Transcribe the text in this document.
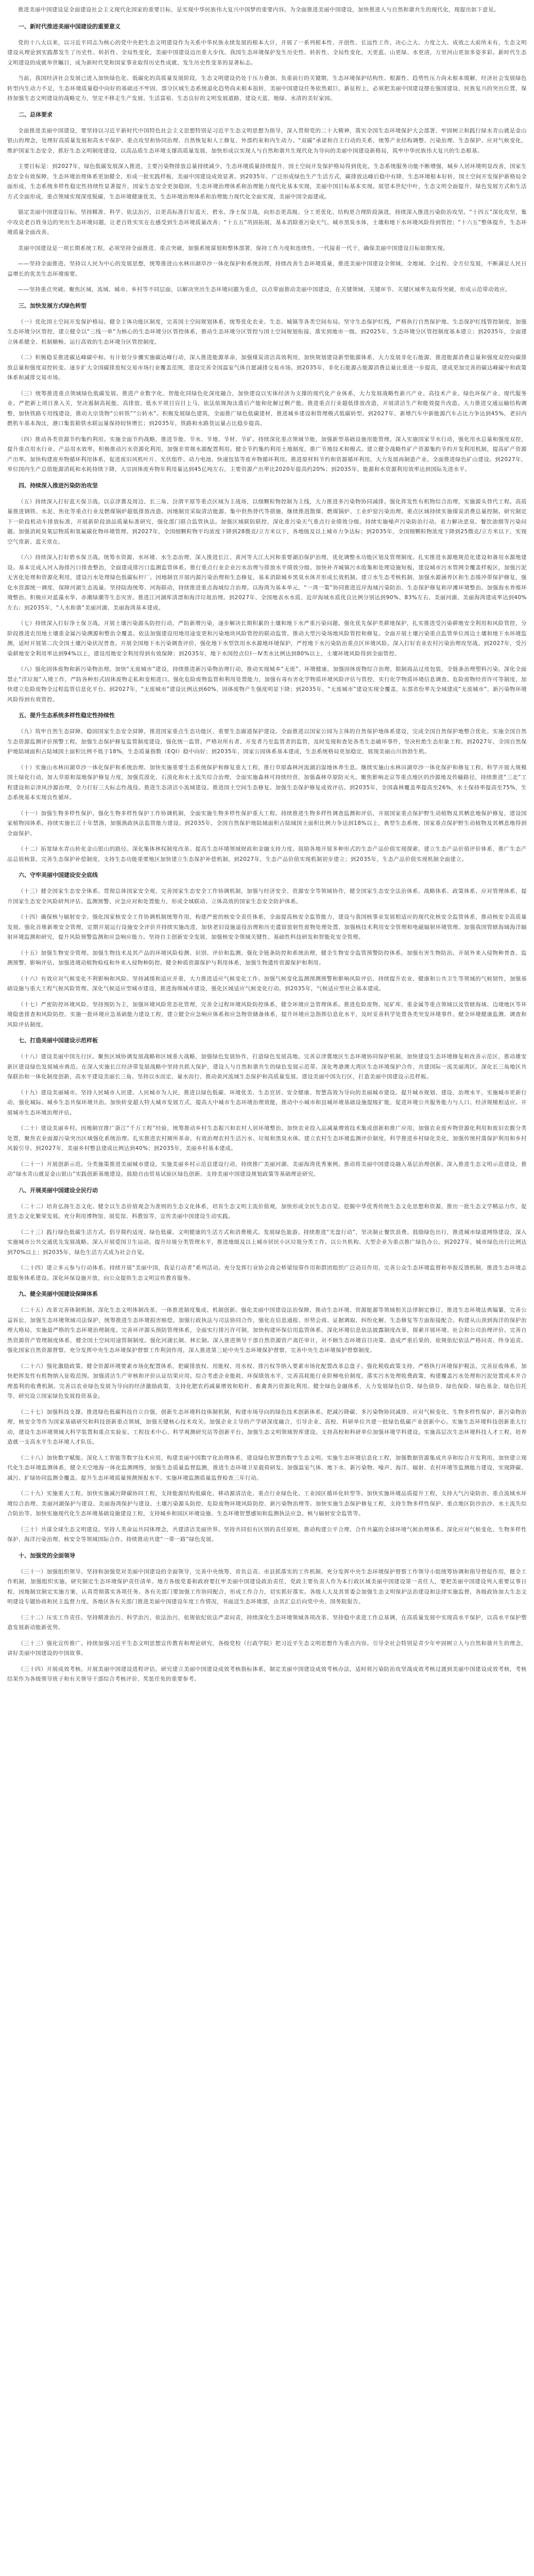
推进美丽中国建设是全面建设社会主义现代化国家的重要目标，是实现中华民族伟大复兴中国梦的重要内容。为全面推进美丽中国建设，加快推进人与自然和谐共生的现代化，现提出如下意见。

一、新时代推进美丽中国建设的重要意义

党的十八大以来，以习近平同志为核心的党中央把生态文明建设作为关系中华民族永续发展的根本大计，开展了一系列根本性、开创性、长远性工作，决心之大、力度之大、成效之大前所未有，生态文明建设从理论到实践都发生了历史性、转折性、全局性变化，美丽中国建设迈出重大步伐。我国生态环境保护发生历史性、转折性、全局性变化，天更蓝、山更绿、水更清，万里河山更加多姿多彩。新时代生态文明建设的成就举世瞩目，成为新时代党和国家事业取得历史性成就、发生历史性变革的显著标志。

当前，我国经济社会发展已进入加快绿色化、低碳化的高质量发展阶段，生态文明建设仍处于压力叠加、负重前行的关键期，生态环境保护结构性、根源性、趋势性压力尚未根本缓解，经济社会发展绿色转型内生动力不足，生态环境质量稳中向好的基础还不牢固，部分区域生态系统退化趋势尚未根本扭转，美丽中国建设任务依然艰巨。新征程上，必须把美丽中国建设摆在强国建设、民族复兴的突出位置，保持加强生态文明建设的战略定力，坚定不移走生产发展、生活富裕、生态良好的文明发展道路，建设天蓝、地绿、水清的美好家园。

二、总体要求

全面推进美丽中国建设，要坚持以习近平新时代中国特色社会主义思想特别是习近平生态文明思想为指导，深入贯彻党的二十大精神，落实全国生态环境保护大会部署，牢固树立和践行绿水青山就是金山银山的理念，处理好高质量发展和高水平保护、重点攻坚和协同治理、自然恢复和人工修复、外部约束和内生动力、“双碳”承诺和自主行动的关系，统筹产业结构调整、污染治理、生态保护、应对气候变化，维护国家生态安全，抓好生态文明制度建设，以高品质生态环境支撑高质量发展，加快形成以实现人与自然和谐共生现代化为导向的美丽中国建设新格局，筑牢中华民族伟大复兴的生态根基。

主要目标是：到2027年，绿色低碳发展深入推进，主要污染物排放总量持续减少，生态环境质量持续提升，国土空间开发保护格局得到优化，生态系统服务功能不断增强，城乡人居环境明显改善，国家生态安全有效保障，生态环境治理体系更加健全，形成一批实践样板，美丽中国建设成效显著。到2035年，广泛形成绿色生产生活方式，碳排放达峰后稳中有降，生态环境根本好转，国土空间开发保护新格局全面形成，生态系统多样性稳定性持续性显著提升，国家生态安全更加稳固，生态环境治理体系和治理能力现代化基本实现，美丽中国目标基本实现。展望本世纪中叶，生态文明全面提升，绿色发展方式和生活方式全面形成，重点领域实现深度脱碳，生态环境健康优美，生态环境治理体系和治理能力现代化全面实现，美丽中国全面建成。

锚定美丽中国建设目标，坚持精准、科学、依法治污，以更高标准打好蓝天、碧水、净土保卫战，向形态更高级、分工更优化、结构更合理阶段演进，持续深入推进污染防治攻坚。“十四五”深化攻坚，集中攻克老百姓身边的突出生态环境问题，让老百姓实实在在感受到生态环境质量改善；“十五五”巩固拓展，基本消除重污染天气、城市黑臭水体，土壤和地下水环境风险得到管控；“十六五”整体提升，生态环境质量全面改善。

美丽中国建设是一项长期系统工程，必须坚持全面推进、重点突破，加强系统谋划和整体部署，保持工作力度和连续性，一代接着一代干，确保美丽中国建设目标如期实现。

——坚持全面推进。坚持以人民为中心的发展思想，统筹推进山水林田湖草沙一体化保护和系统治理，持续改善生态环境质量，推进美丽中国建设全领域、全地域、全过程、全方位发展，不断满足人民日益增长的优美生态环境需要。

——坚持重点突破。聚焦区域、流域、城市、乡村等不同层面，以解决突出生态环境问题为重点，以点带面推动美丽中国建设，在关键领域、关键环节、关键区域率先取得突破，形成示范带动效应。

三、加快发展方式绿色转型

（一）优化国土空间开发保护格局。健全主体功能区制度，完善国土空间规划体系，统筹优化农业、生态、城镇等各类空间布局。坚守生态保护红线，严格执行自然保护地、生态保护红线管控制度，加强生态环境分区管控，建立健全以“三线一单”为核心的生态环境分区管控体系，推动生态环境分区管控与国土空间规划衔接，落实到地市一级。到2025年，生态环境分区管控制度基本建立；到2035年，全面建立体系健全、机制顺畅、运行高效的生态环境分区管控制度。

（二）积极稳妥推进碳达峰碳中和。有计划分步骤实施碳达峰行动，深入推进能源革命，加强煤炭清洁高效利用，加快规划建设新型能源体系，大力发展非化石能源，推进能源消费总量和强度双控向碳排放总量和强度双控转变。逐步扩大全国碳排放权交易市场行业覆盖范围，建设完善全国温室气体自愿减排交易市场。到2035年，非化石能源占能源消费总量比重进一步提高，建成更加完善的碳达峰碳中和政策体系和减排交易市场。

（三）统筹推进重点领域绿色低碳发展。推进产业数字化、智能化同绿色化深度融合，加快建设以实体经济为支撑的现代化产业体系，大力发展战略性新兴产业、高技术产业、绿色环保产业、现代服务业。严把新上项目准入关，坚决遏制高耗能、高排放、低水平项目盲目上马，依法依规淘汰落后产能和化解过剩产能。推进重点行业超低排放改造，开展清洁生产和能效提升改造。大力推进交通运输结构调整，加快铁路专用线建设，推动大宗货物“公转铁”“公转水”。积极发展绿色建筑，全面推广绿色低碳建材，推进城乡建设和管理模式低碳转型。到2027年，新增汽车中新能源汽车占比力争达到45%，老旧内燃机车基本淘汰，港口集装箱铁水联运量保持较快增长；到2035年，铁路和水路货运量占比稳步提高。

（四）推动各类资源节约集约利用。实施全面节约战略，推进节能、节水、节地、节材、节矿。持续深化重点领域节能，加强新型基础设施用能管理。深入实施国家节水行动，强化用水总量和强度双控，提升重点用水行业、产品用水效率，积极推动污水资源化利用，加强非常规水源配置利用。健全节约集约利用土地制度，推广节地技术和模式。建立健全战略性矿产资源集约节约开发利用机制，提高矿产资源产出率。加快构建废弃物循环利用体系，促进废旧风机叶片、光伏组件、动力电池、快递包装等废弃物循环利用。推进原材料节约和资源循环利用，大力发展再制造产业。全面推进绿色矿山建设。到2027年，单位国内生产总值能源消耗和水耗持续下降，大宗固体废弃物年利用量达到45亿吨左右，主要资源产出率比2020年提高约20%；到2035年，能源和水资源利用效率达到国际先进水平。

四、持续深入推进污染防治攻坚

（五）持续深入打好蓝天保卫战。以京津冀及周边、长三角、汾渭平原等重点区域为主战场，以细颗粒物控制为主线，大力推进多污染物协同减排。强化挥发性有机物综合治理，实施源头替代工程。高质量推进钢铁、水泥、焦化等重点行业及燃煤锅炉超低排放改造。因地制宜采取清洁能源、集中供热替代等措施，继续推进散煤、燃煤锅炉、工业炉窑污染治理。重点区域持续实施煤炭消费总量控制。研究制定下一阶段机动车排放标准，开展新阶段油品质量标准研究，强化部门联合监管执法。加强区域联防联控，深化重污染天气重点行业绩效分级。持续实施噪声污染防治行动。着力解决恶臭、餐饮油烟等污染问题。加强消耗臭氧层物质和氢氟碳化物环境管理。到2027年，全国细颗粒物平均浓度下降到28微克/立方米以下，各地级及以上城市力争达标；到2035年，全国细颗粒物浓度下降到25微克/立方米以下，实现空气常新、蓝天常在。

（六）持续深入打好碧水保卫战。统筹水资源、水环境、水生态治理，深入推进长江、黄河等大江大河和重要湖泊保护治理，优化调整水功能区划及管理制度。扎实推进水源地规范化建设和备用水源地建设。基本完成入河入海排污口排查整治，全面建成排污口监测监管体系。推行重点行业企业污水治理与排放水平绩效分级。加快补齐城镇污水收集和处理设施短板，建设城市污水管网全覆盖样板区，加强污泥无害化处理和资源化利用，建设污水处理绿色低碳标杆厂。因地制宜开展内源污染治理和生态修复，基本消除城乡黑臭水体并形成长效机制。建立水生态考核机制，加强水源涵养区和生态缓冲带保护修复，强化水资源统一调度，保障河湖生态流量。坚持陆海统筹、河海联动，持续推进重点海域综合治理。以海湾为基本单元，“一湾一策”协同推进近岸海域污染防治、生态保护修复和岸滩环境整治。加强海水养殖环境整治。积极应对蓝藻水华、赤潮绿潮等生态灾害。推进江河湖库清漂和海洋垃圾治理。到2027年，全国地表水水质、近岸海域水质优良比例分别达到90%、83%左右，美丽河湖、美丽海湾建成率达到40%左右；到2035年，“人水和谐”美丽河湖、美丽海湾基本建成。

（七）持续深入打好净土保卫战。开展土壤污染源头防控行动，严防新增污染，逐步解决长期积累的土壤和地下水严重污染问题。强化优先保护类耕地保护，扎实推进受污染耕地安全利用和风险管控，分阶段推进农用地土壤重金属污染溯源和整治全覆盖。依法加强建设用地用途变更和污染地块风险管控的联动监管，推动大型污染场地风险管控和修复。全面开展土壤污染重点监管单位周边土壤和地下水环境监测，适时开展第二次全国土壤污染状况普查。开展全国地下水污染调查评价，强化地下水型饮用水水源地环境保护，严控地下水污染防治重点区环境风险。深入打好农业农村污染治理攻坚战。到2027年，受污染耕地安全利用率达到94%以上，建设用地安全利用得到有效保障；到2035年，地下水国控点位Ⅰ－Ⅳ类水比例达到80%以上，土壤环境风险得到全面管控。

（八）强化固体废物和新污染物治理。加快“无废城市”建设，持续推进新污染物治理行动，推动实现城乡“无废”、环境健康。加强固体废物综合治理，限制商品过度包装，全链条治理塑料污染。深化全面禁止“洋垃圾”入境工作，严防各种形式固体废物走私和变相进口。强化危险废物监管和利用处置能力，加强有毒有害化学物质环境风险评估与管控，实行化学物质环境信息调查、危险废物经营许可等制度，加快建立危险废物全过程监管信息化平台。到2027年，“无废城市”建设比例达到60%，固体废物产生强度明显下降；到2035年，“无废城市”建设实现全覆盖，东部省份率先全域建成“无废城市”，新污染物环境风险得到有效管控。

五、提升生态系统多样性稳定性持续性

（九）筑牢自然生态屏障。稳固国家生态安全屏障，推进国家重点生态功能区、重要生态廊道保护建设。全面推进以国家公园为主体的自然保护地体系建设，完成全国自然保护地整合优化。实施全国自然生态资源监测评价预警工程。加强生态保护修复监管制度建设，强化统一监管。严格对所有者、开发者乃至监管者的监管，及时发现和查处各类生态破坏事件，坚决杜绝生态形象工程。到2027年，全国自然保护地陆域面积占陆域国土面积比例不低于18%，生态质量指数（EQI）稳中向好；到2035年，国家公园体系基本建成，生态系统格局更加稳定，展现美丽山川勃勃生机。

（十）实施山水林田湖草沙一体化保护和系统治理。加快实施重要生态系统保护和修复重大工程，推行草原森林河流湖泊湿地休养生息。继续实施山水林田湖草沙一体化保护和修复工程。科学开展大规模国土绿化行动，加大草原和湿地保护修复力度，加强荒漠化、石漠化和水土流失综合治理，全面实施森林可持续经营，加强森林草原防灭火。聚焦影响北京等重点地区的沙源地及传输路径，持续推进“三北”工程建设和京津风沙源治理，全力打好三大标志性战役。推进生态清洁小流域建设。推进国土空间生态修复。加强生态保护修复成效评估。到2035年，全国森林覆盖率提高至26%，水土保持率提高至75%，生态系统基本实现良性循环。

（十一）加强生物多样性保护。强化生物多样性保护工作协调机制，全面实施生物多样性保护重大工程。持续推进生物多样性调查监测和评估，开展国家重点保护野生动植物及其栖息地保护修复，建设国家植物园体系。持续实施长江十年禁渔，加强渔政执法监管能力建设。到2035年，全国自然保护地陆域面积占陆域国土面积比例力争达到18%以上，典型生态系统、国家重点保护野生动植物及其栖息地得到全面保护。

（十二）拓宽绿水青山转化金山银山的路径。深化集体林权制度改革。提高生态环境领域财政和金融支持力度。鼓励各地开展多种形式的生态产品价值实现探索。建立生态产品价值评价体系，推广生态产品总值核算，完善生态保护补偿制度，支持生态功能重要地区加快建立生态保护补偿机制。到2027年，生态产品价值实现机制初步建立；到2035年，生态产品价值实现机制全面建立。

六、守牢美丽中国建设安全底线

（十三）健全国家生态安全体系。贯彻总体国家安全观，完善国家生态安全工作协调机制，加强与经济安全、资源安全等领域协作，健全国家生态安全法治体系、战略体系、政策体系、应对管理体系，提升国家生态安全风险研判评估、监测预警、应急应对和处置能力，形成全域联动、立体高效的国家生态安全防护体系。

（十四）确保核与辐射安全。强化国家核安全工作协调机制统筹作用，构建严密的核安全责任体系，全面提高核安全监管能力，建设与我国核事业发展相适应的现代化核安全监管体系，推动核安全高质量发展。强化首堆新堆安全管理，定期开展运行设施安全评价并持续实施改进，加快老旧设施退役治理和历史遗留放射性废物处理处置，加强核技术利用安全管理和电磁辐射环境管理。加强我国管辖海域海洋辐射环境监测和研究，提升风险预警监测和应急响应能力。坚持自主创新安全发展，加强核安全领域关键性、基础性科技研发和智能化安全管理。

（十五）加强生物安全管理。加强生物技术及其产品的环境风险检测、识别、评价和监测。强化全链条防控和系统治理，健全生物安全监管预警防控体系。加强有害生物防治。开展外来入侵物种普查、监测预警、影响评估，加强进境动植物检疫和外来入侵物种防控。健全种质资源保护与利用体系，加强生物遗传资源保护和利用。

（十六）有效应对气候变化不利影响和风险。坚持减缓和适应并重，大力推进适应气候变化工作。加强气候变化监测预测预警和影响风险评估，持续提升农业、健康和公共卫生等领域的气候韧性，加强基础设施与重大工程气候风险管理。深化气候适应型城市建设，推进海绵城市建设，强化区域适应气候变化行动。到2035年，气候适应型社会基本建成。

（十七）严密防控环境风险。坚持预防为主，加强环境风险常态化管理，完善全过程环境风险防控体系，健全环境应急管理体系。推进危险废物、尾矿库、重金属等重点领域以及管辖海域、边境地区等环境隐患排查和风险防控。实施一批环境应急基础能力建设工程，建立健全应急响应体系和应急物资储备体系，提升环境应急指挥信息化水平，及时妥善科学处置各类突发环境事件。健全环境健康监测、调查和风险评估制度。

七、打造美丽中国建设示范样板

（十八）建设美丽中国先行区。聚焦区域协调发展战略和区域重大战略，加强绿色发展协作，打造绿色发展高地。完善京津冀地区生态环境协同保护机制，加快建设生态环境修复和改善示范区，推动雄安新区建设绿色发展城市典范。在深入实施长江经济带发展战略中坚持共抓大保护，建设人与自然和谐共生的绿色发展示范带。深化粤港澳大湾区生态环境保护合作，共建国际一流美丽湾区。深化长三角地区共保联治和一体化制度创新，高水平建设美丽长三角。坚持以水而定、量水而行，推动黄河流域生态保护和高质量发展。建设美丽中国先行区，打造美丽中国建设示范样板。

（十九）建设美丽城市。坚持人民城市人民建、人民城市为人民，推进以绿色低碳、环境优美、生态宜居、安全健康、智慧高效为导向的美丽城市建设。提升城市规划、建设、治理水平，实施城市更新行动，强化城际、城乡生态共保环境共治。加快转变超大特大城市发展方式，提高大中城市生态环境治理效能，推动中小城市和县城环境基础设施提级扩能，促进环境公共服务能力与人口、经济规模相适应。开展城市生态环境治理评估。

（二十）建设美丽乡村。因地制宜推广浙江“千万工程”经验，统筹推动乡村生态振兴和农村人居环境整治。加快农业投入品减量增效技术集成创新和推广应用，加强农业废弃物资源化利用和废旧农膜分类处置，聚焦农业面源污染突出区域强化系统治理。扎实推进农村厕所革命，有效治理农村生活污水、垃圾和黑臭水体。建立农村生态环境监测评价制度。科学推进乡村绿化美化，加强传统村落保护利用和乡村风貌引导。到2027年，美丽乡村整县建成比例达到40%；到2035年，美丽乡村基本建成。

（二十一）开展创新示范。分类施策推进美丽城市建设，实施美丽乡村示范县建设行动，持续推广美丽河湖、美丽海湾优秀案例。推动将美丽中国建设融入基层治理创新。深入推进生态文明示范建设，推动“绿水青山就是金山银山”实践创新基地建设。鼓励自由贸易试验区绿色创新。支持美丽中国建设规划政策等基础理论研究。

八、开展美丽中国建设全民行动

（二十二）培育弘扬生态文化。健全以生态价值观念为准则的生态文化体系，培育生态文明主流价值观，加快形成全民生态自觉。挖掘中华优秀传统生态文化思想和资源，推出一批生态文学精品力作，促进生态文化繁荣发展。充分利用博物馆、展览馆、科教馆等，宣传美丽中国建设生动实践。

（二十三）践行绿色低碳生活方式。倡导简约适度、绿色低碳、文明健康的生活方式和消费模式。发展绿色旅游。持续推进“光盘行动”，坚决制止餐饮浪费。鼓励绿色出行，推进城市绿道网络建设，深入实施城市公共交通优先发展战略。深入开展爱国卫生运动。提升垃圾分类管理水平，推进地级及以上城市居民小区垃圾分类工作。以公共机构、大型企业为重点推广绿色办公。到2027年，城市绿色出行比例达到70%以上；到2035年，绿色生活方式成为社会自觉。

（二十四）建立多元参与行动体系。持续开展“美丽中国，我是行动者”系列活动。充分发挥行业协会商会桥梁纽带作用和群团组织广泛动员作用，完善公众生态环境监督和举报反馈机制，推进生态环境志愿服务体系建设。深化环保设施开放，向公众提供生态文明宣传教育服务。

九、健全美丽中国建设保障体系

（二十五）改革完善体制机制。深化生态文明体制改革，一体推进制度集成、机制创新。强化美丽中国建设法治保障，推动生态环境、资源能源等领域相关法律制定修订，推进生态环境法典编纂，完善公益诉讼，加强生态环境领域司法保护，统筹推进生态环境损害赔偿。加强行政执法与司法协同合作，强化在信息通报、形势会商、证据调取、纠纷化解、生态修复等方面衔接配合。构建从山顶到海洋的保护治理大格局，实施最严格的生态环境治理制度。完善环评源头预防管理体系，全面实行排污许可制，加快构建环保信用监管体系。深化环境信息依法披露制度改革，探索开展环境、社会和公司治理评价。完善自然资源资产管理制度体系，健全国土空间用途管制制度。强化河湖长制、林长制。深入推进领导干部自然资源资产离任审计，对不顾生态环境盲目决策、造成严重后果的，依规依纪依法严格问责、终身追责。强化国家自然资源督察。充分发挥中央生态环境保护督察工作利剑作用，深入推进第三轮中央生态环境保护督察，完善中央生态环境保护督察制度。

（二十六）强化激励政策。健全资源环境要素市场化配置体系，把碳排放权、用能权、用水权、排污权等纳入要素市场化配置改革总盘子。强化税收政策支持，严格执行环境保护税法，完善征收体系，加快把挥发性有机物纳入征收范围。加强清洁生产审核和评价认证结果应用。综合考虑企业能耗、环保绩效水平，完善高耗能行业阶梯电价制度。落实污水处理收费政策，构建覆盖污水处理和污泥处置成本并合理盈利的收费机制。完善以农业绿色发展为导向的经济激励政策，支持化肥农药减量增效和秸秆、畜禽粪污资源化利用。健全绿色金融体系，大力发展绿色信贷、绿色债券、绿色保险、绿色基金、绿色信托等，研究设立国家绿色发展投资基金。

（二十七）加强科技支撑。推进绿色低碳科技自立自强，创新生态环境科技体制机制，构建市场导向的绿色技术创新体系。把减污降碳、多污染物协同减排、应对气候变化、生物多样性保护、新污染物治理、核安全等作为国家基础研究和科技创新重点领域，加强关键核心技术攻关。加强企业主导的产学研深度融合，引导企业、高校、科研单位共建一批绿色低碳产业创新中心。实施生态环境科技创新重大行动，建设生态环境领域大科学装置和重点实验室、工程技术中心、科学观测研究站等创新平台。加强生态文明领域智库建设。支持高校和科研单位加强环境学科建设。实施高层次生态环境科技人才工程，培养造就一支高水平生态环境人才队伍。

（二十八）加快数字赋能。深化人工智能等数字技术应用，构建美丽中国数字化治理体系，建设绿色智慧的数字生态文明。实施生态环境信息化工程，加强数据资源集成共享和综合开发利用。加快建立现代化生态环境监测体系，健全天空地海一体化监测网络，加强生态质量监督监测，推进生态环境卫星载荷研发。加强温室气体、地下水、新污染物、噪声、海洋、辐射、农村环境等监测能力建设，实现降碳、减污、扩绿协同监测全覆盖。提升生态环境质量预测预报水平。实施环境监测质量监督检查三年行动。

（二十九）实施重大工程。加快实施减污降碳协同工程，支持能源结构低碳化、移动源清洁化、重点行业绿色化、工业园区循环化转型等。加快实施环境品质提升工程，支持大气污染防治、重点流域水环境综合治理、美丽河湖保护与建设、美丽海湾保护与建设、土壤污染源头防控、危险废物环境风险防控、新污染物治理等。加快实施生态保护修复工程，支持生物多样性保护、重点地区防沙治沙、水土流失综合防治等。加快实施现代化生态环境基础设施建设工程，支持城乡和园区环境设施、生态环境智慧感知和监测执法应急、核与辐射安全监管等。

（三十）共谋全球生态文明建设。坚持人类命运共同体理念，共建清洁美丽世界。坚持共同但有区别的责任原则，推动构建公平合理、合作共赢的全球环境气候治理体系。深化应对气候变化、生物多样性保护、海洋污染治理、核安全等领域国际合作。持续推动共建“一带一路”绿色发展。

十、加强党的全面领导

（三十一）加强组织领导。坚持和加强党对美丽中国建设的全面领导，完善中央统筹、省负总责、市县抓落实的工作机制。充分发挥中央生态环境保护督察工作领导小组统筹协调和指导督促作用，健全工作机制，加强组织实施。研究制定生态环境保护责任清单。地方各级党委和政府要扛牢美丽中国建设政治责任，党政主要负责人作为本行政区域美丽中国建设第一责任人，要把美丽中国建设列入重要议事日程，因地制宜制定实施方案，认真贯彻落实各项任务。各有关部门要加强工作协同配合，形成工作合力，切实抓好落实。各级人大及其常委会加强生态文明保护法治建设和法律实施监督，各级政协加大生态文明建设专题协商和民主监督力度。各地区各有关部门推进美丽中国建设年度工作情况，书面送生态环境部，由其汇总后向党中央、国务院报告。

（三十二）压实工作责任。坚持精准治污、科学治污、依法治污，依规依纪依法严肃问责，持续深化生态环境领域各项改革。坚持稳中求进工作总基调，在高质量发展中实现高水平保护，以高水平保护塑造发展新动能新优势。

（三十三）强化宣传推广。持续加强习近平生态文明思想宣传教育和理论研究，各级党校（行政学院）把习近平生态文明思想作为重点内容。引导全社会特别是青少年牢固树立人与自然和谐共生的理念，讲好美丽中国建设的中国故事。

（三十四）开展成效考核。开展美丽中国建设进程评估，研究建立美丽中国建设成效考核指标体系，制定美丽中国建设成效考核办法，适时将污染防治攻坚战成效考核过渡到美丽中国建设成效考核，考核结果作为各级领导班子和有关领导干部综合考核评价、奖惩任免的重要参考。
